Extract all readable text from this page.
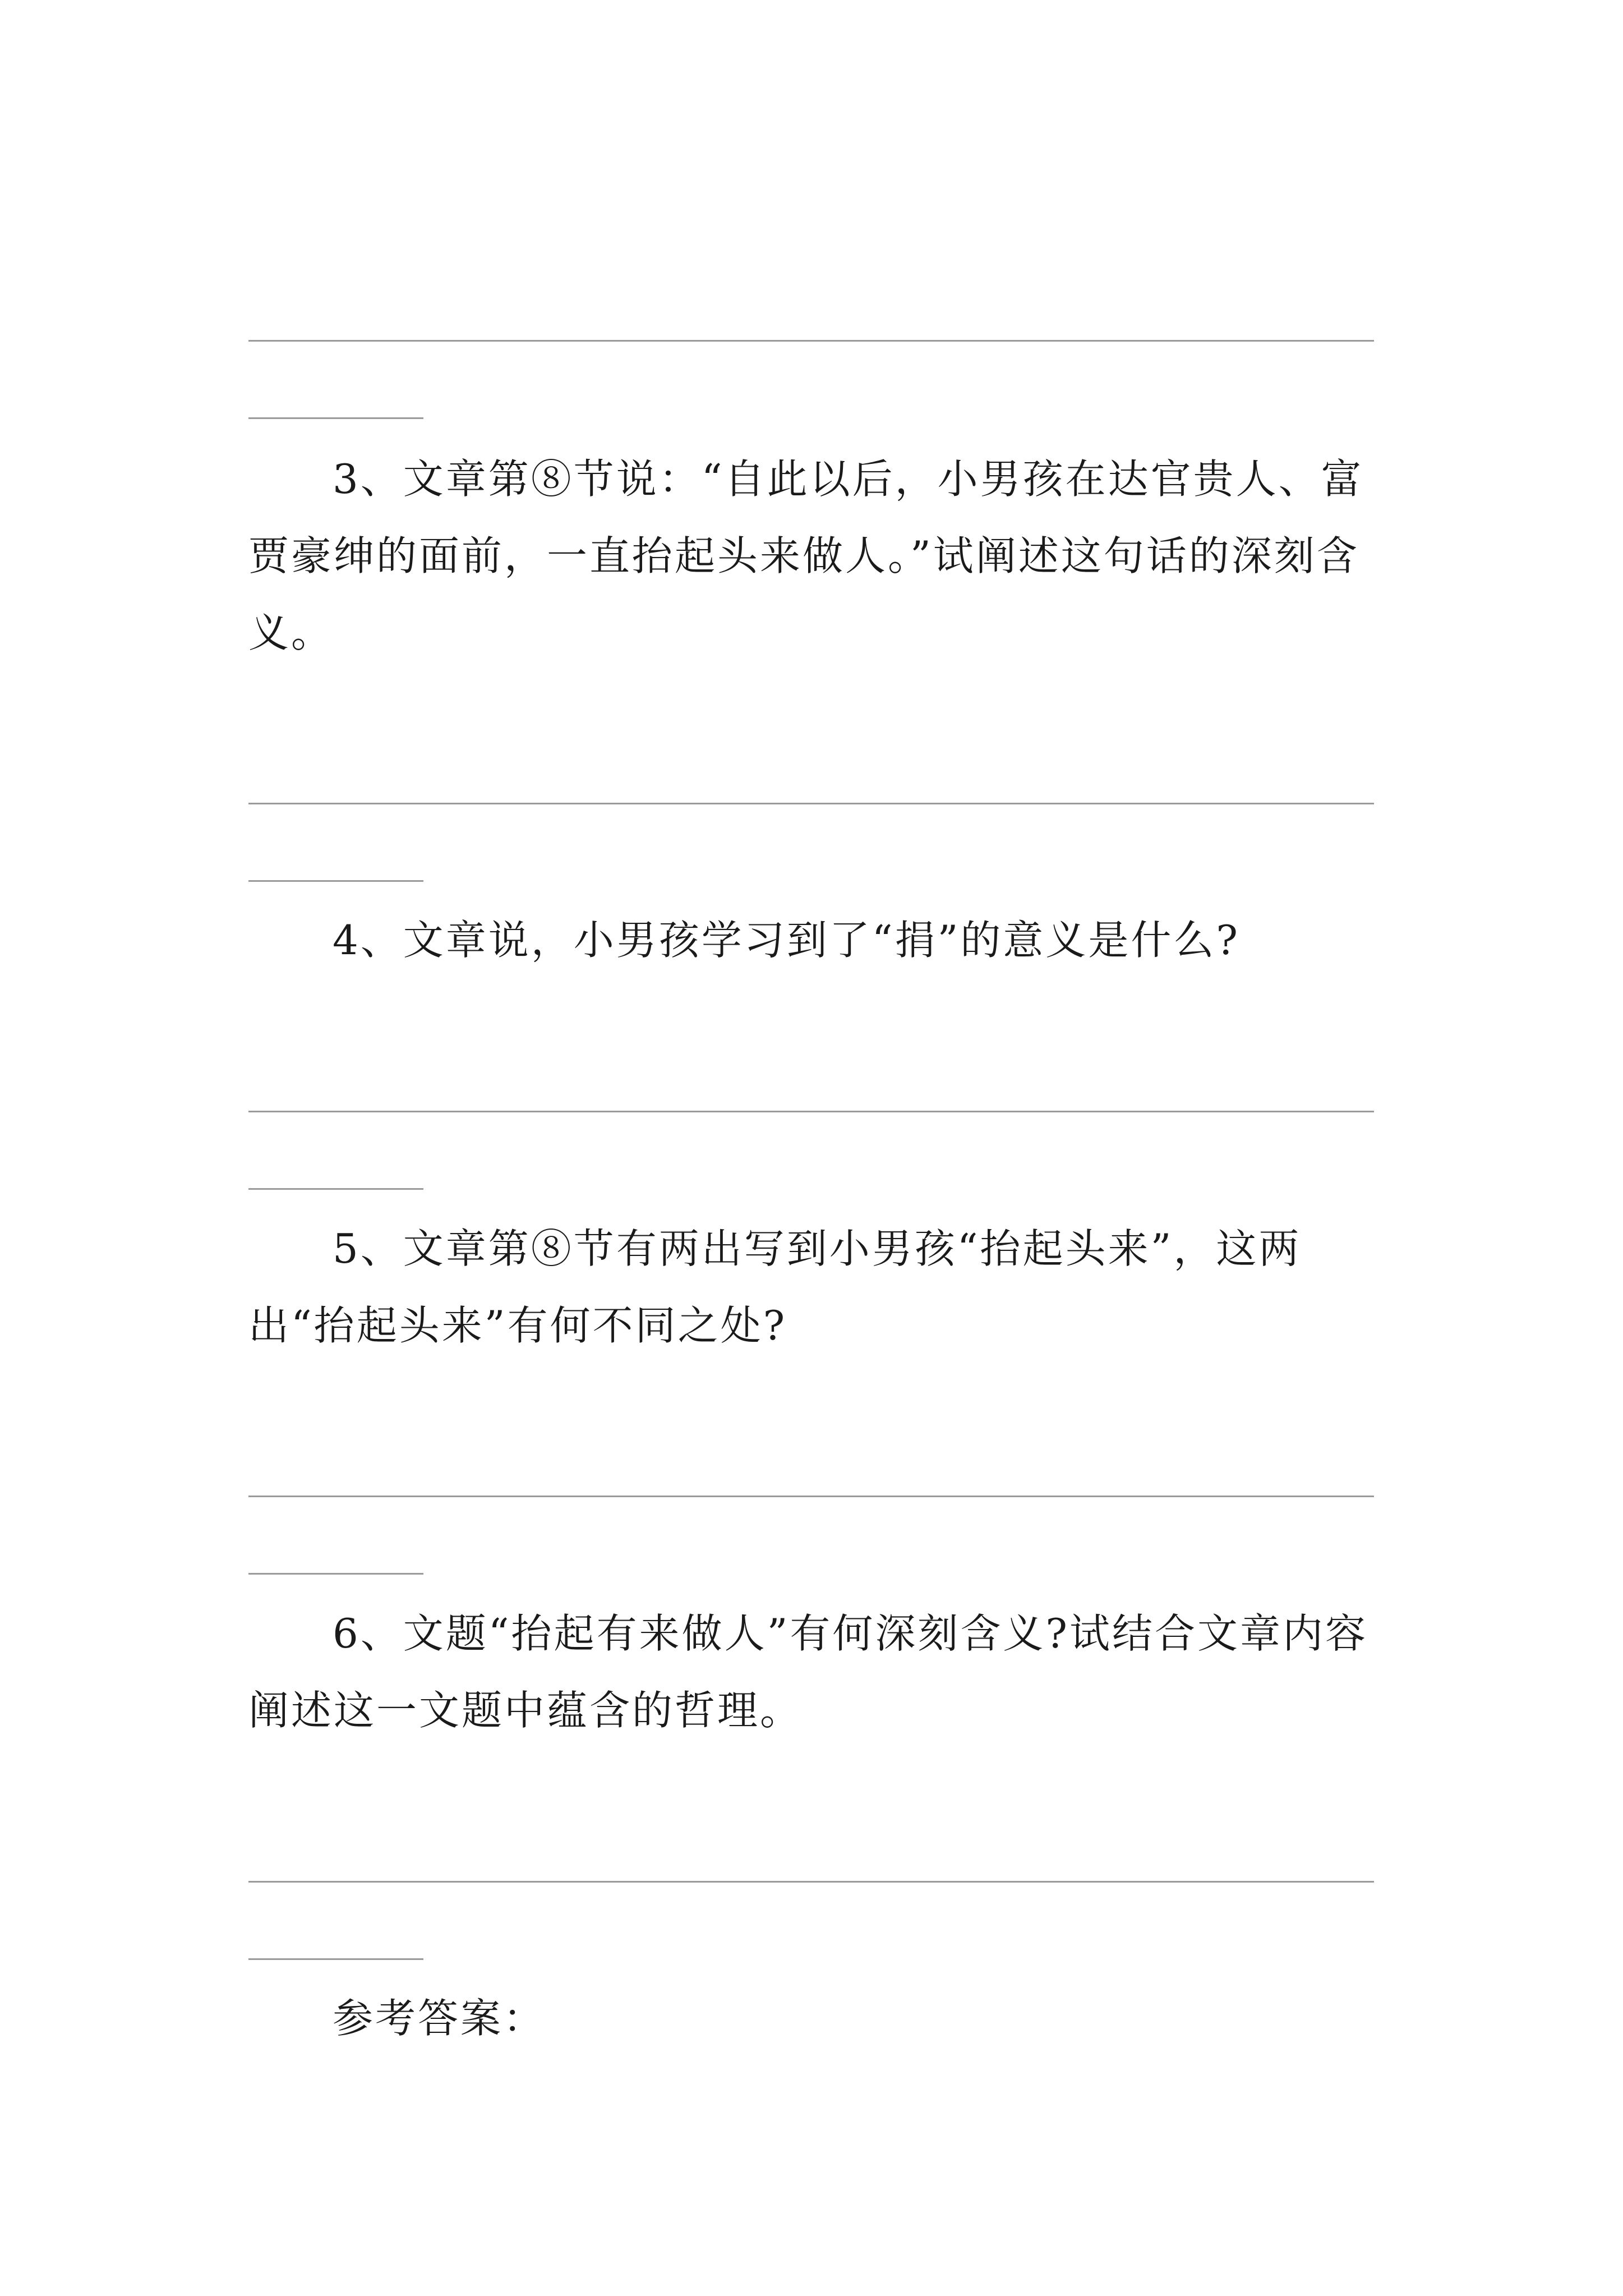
3、文章第⑧节说：“自此以后，小男孩在达官贵人、富贾豪绅的面前，一直抬起头来做人。”试阐述这句话的深刻含义。

4、文章说，小男孩学习到了“捐”的意义是什么?

5、文章第⑧节有两出写到小男孩“抬起头来”，这两出“抬起头来”有何不同之处?

6、文题“抬起有来做人”有何深刻含义?试结合文章内容阐述这一文题中蕴含的哲理。

参考答案：
